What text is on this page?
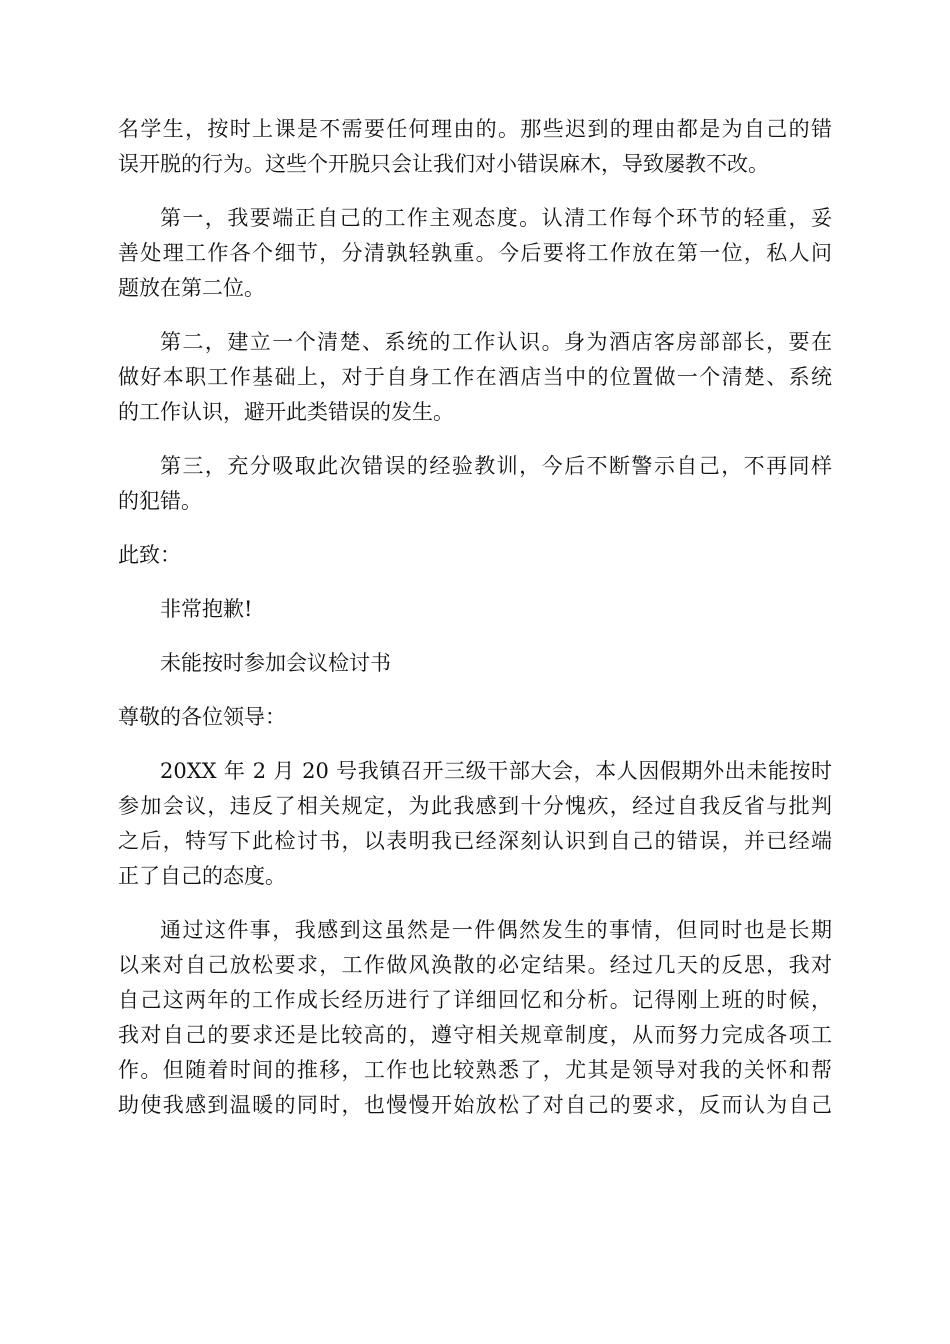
名学生，按时上课是不需要任何理由的。那些迟到的理由都是为自己的错
误开脱的行为。这些个开脱只会让我们对小错误麻木，导致屡教不改。
第一，我要端正自己的工作主观态度。认清工作每个环节的轻重，妥
善处理工作各个细节，分清孰轻孰重。今后要将工作放在第一位，私人问
题放在第二位。
第二，建立一个清楚、系统的工作认识。身为酒店客房部部长，要在
做好本职工作基础上，对于自身工作在酒店当中的位置做一个清楚、系统
的工作认识，避开此类错误的发生。
第三，充分吸取此次错误的经验教训，今后不断警示自己，不再同样
的犯错。
此致：
非常抱歉!
未能按时参加会议检讨书
尊敬的各位领导：
20XX 年 2 月 20 号我镇召开三级干部大会，本人因假期外出未能按时
参加会议，违反了相关规定，为此我感到十分愧疚，经过自我反省与批判
之后，特写下此检讨书，以表明我已经深刻认识到自己的错误，并已经端
正了自己的态度。
通过这件事，我感到这虽然是一件偶然发生的事情，但同时也是长期
以来对自己放松要求，工作做风涣散的必定结果。经过几天的反思，我对
自己这两年的工作成长经历进行了详细回忆和分析。记得刚上班的时候，
我对自己的要求还是比较高的，遵守相关规章制度，从而努力完成各项工
作。但随着时间的推移，工作也比较熟悉了，尤其是领导对我的关怀和帮
助使我感到温暖的同时，也慢慢开始放松了对自己的要求，反而认为自己
